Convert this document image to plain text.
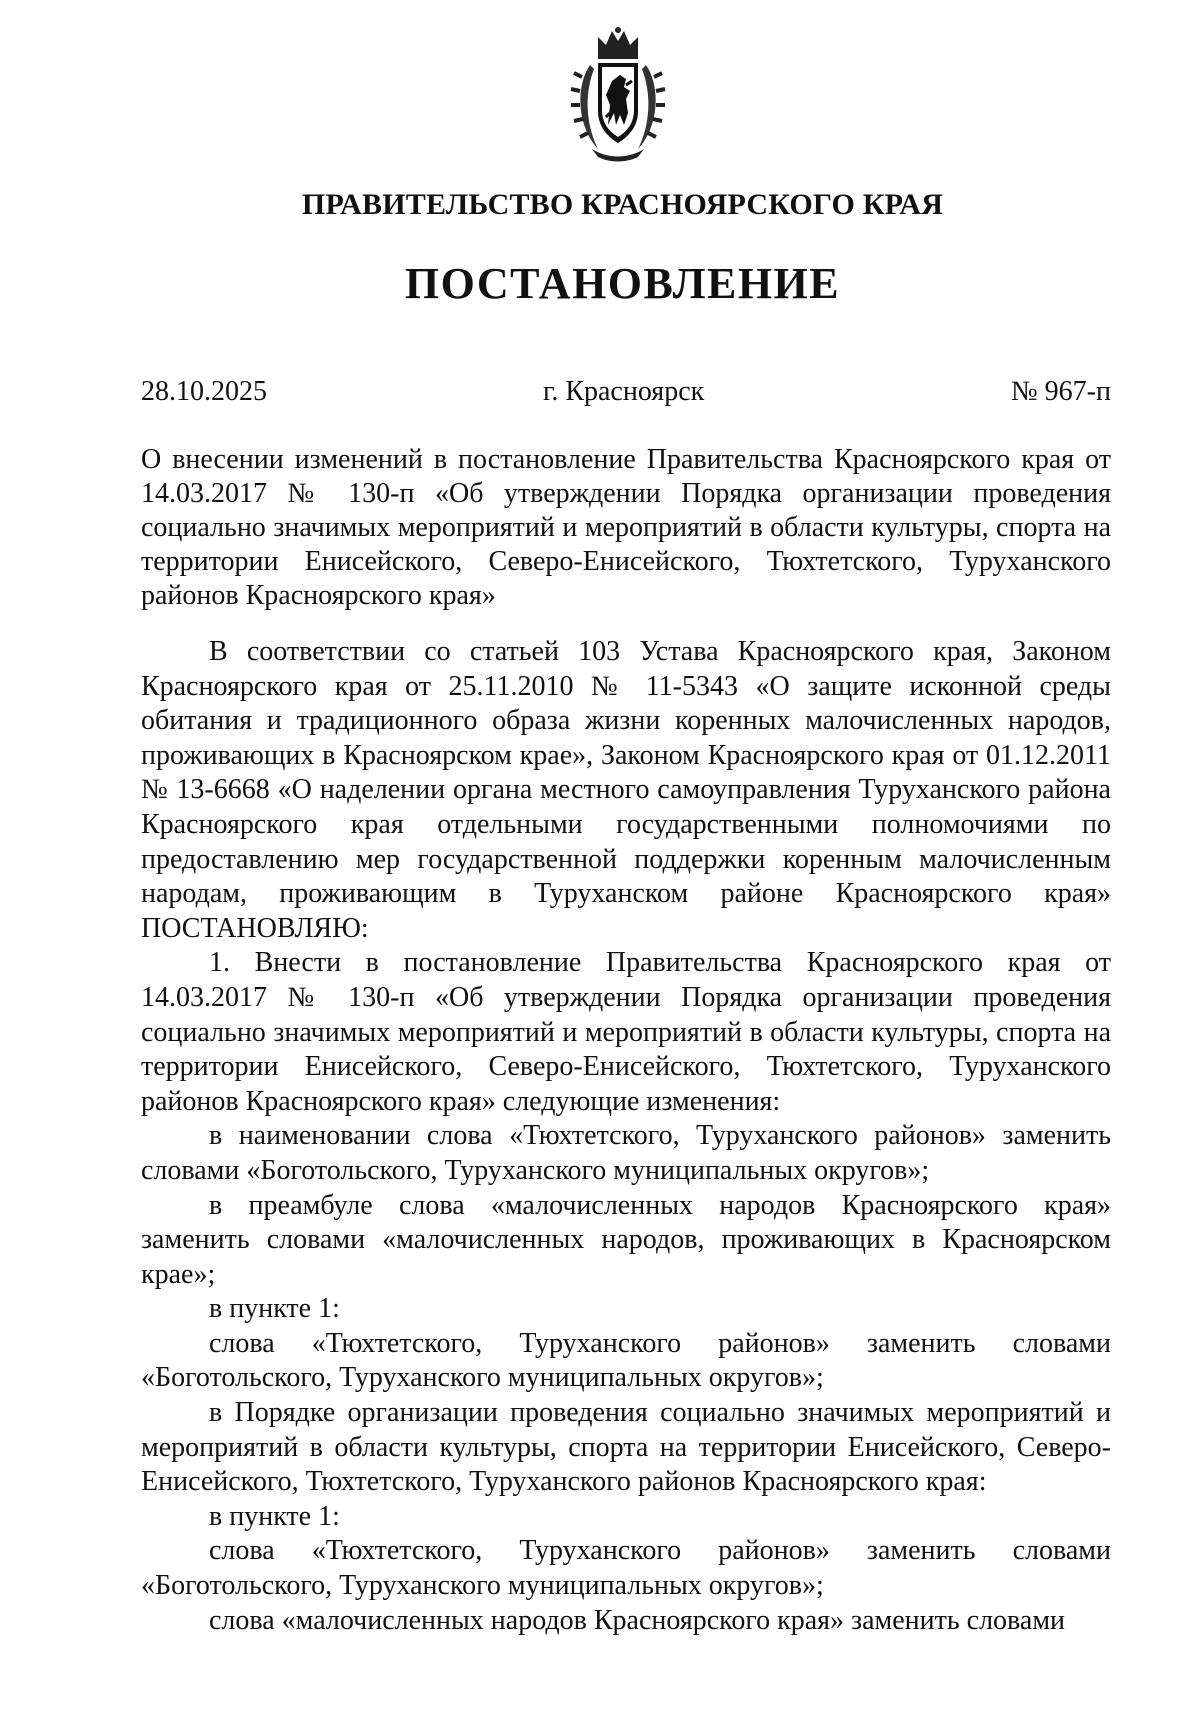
ПРАВИТЕЛЬСТВО КРАСНОЯРСКОГО КРАЯ
ПОСТАНОВЛЕНИЕ
28.10.2025	г. Красноярск	№ 967-п
О внесении изменений в постановление Правительства Красноярского края от 14.03.2017 № 130-п «Об утверждении Порядка организации проведения социально значимых мероприятий и мероприятий в области культуры, спорта на территории Енисейского, Северо-Енисейского, Тюхтетского, Туруханского районов Красноярского края»

В соответствии со статьей 103 Устава Красноярского края, Законом Красноярского края от 25.11.2010 № 11-5343 «О защите исконной среды обитания и традиционного образа жизни коренных малочисленных народов, проживающих в Красноярском крае», Законом Красноярского края от 01.12.2011 № 13-6668 «О наделении органа местного самоуправления Туруханского района Красноярского края отдельными государственными полномочиями по предоставлению мер государственной поддержки коренным малочисленным народам, проживающим в Туруханском районе Красноярского края» ПОСТАНОВЛЯЮ:

1. Внести в постановление Правительства Красноярского края от 14.03.2017 № 130-п «Об утверждении Порядка организации проведения социально значимых мероприятий и мероприятий в области культуры, спорта на территории Енисейского, Северо-Енисейского, Тюхтетского, Туруханского районов Красноярского края» следующие изменения:

в наименовании слова «Тюхтетского, Туруханского районов» заменить словами «Боготольского, Туруханского муниципальных округов»;

в преамбуле слова «малочисленных народов Красноярского края» заменить словами «малочисленных народов, проживающих в Красноярском крае»;

в пункте 1:

слова «Тюхтетского, Туруханского районов» заменить словами «Боготольского, Туруханского муниципальных округов»;

в Порядке организации проведения социально значимых мероприятий и мероприятий в области культуры, спорта на территории Енисейского, Северо-Енисейского, Тюхтетского, Туруханского районов Красноярского края:

в пункте 1:

слова «Тюхтетского, Туруханского районов» заменить словами «Боготольского, Туруханского муниципальных округов»;

слова «малочисленных народов Красноярского края» заменить словами
